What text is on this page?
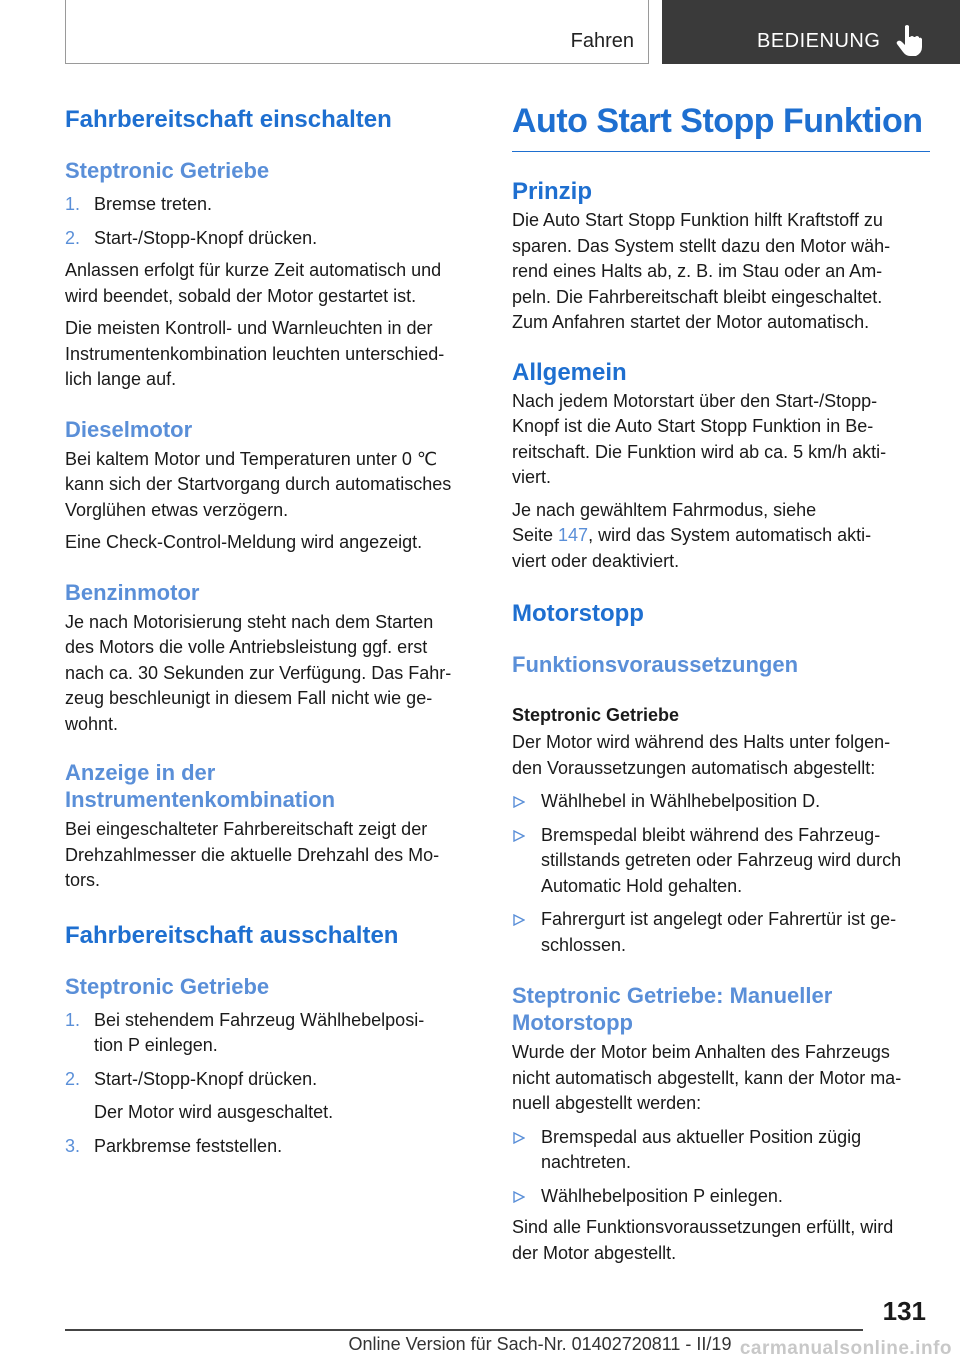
Fahren	BEDIENUNG
Fahrbereitschaft einschalten
Steptronic Getriebe
1. Bremse treten.
2. Start-/Stopp-Knopf drücken.

Anlassen erfolgt für kurze Zeit automatisch und
wird beendet, sobald der Motor gestartet ist.

Die meisten Kontroll- und Warnleuchten in der
Instrumentenkombination leuchten unterschied-
lich lange auf.

Dieselmotor

Bei kaltem Motor und Temperaturen unter 0 ℃
kann sich der Startvorgang durch automatisches
Vorglühen etwas verzögern.

Eine Check-Control-Meldung wird angezeigt.

Benzinmotor

Je nach Motorisierung steht nach dem Starten
des Motors die volle Antriebsleistung ggf. erst
nach ca. 30 Sekunden zur Verfügung. Das Fahr-
zeug beschleunigt in diesem Fall nicht wie ge-
wohnt.

Anzeige in der
Instrumentenkombination

Bei eingeschalteter Fahrbereitschaft zeigt der
Drehzahlmesser die aktuelle Drehzahl des Mo-
tors.

Fahrbereitschaft ausschalten
Steptronic Getriebe
1. Bei stehendem Fahrzeug Wählhebelposi-
tion P einlegen.
2. Start-/Stopp-Knopf drücken.
Der Motor wird ausgeschaltet.
3. Parkbremse feststellen.
Auto Start Stopp Funktion
Prinzip

Die Auto Start Stopp Funktion hilft Kraftstoff zu
sparen. Das System stellt dazu den Motor wäh-
rend eines Halts ab, z. B. im Stau oder an Am-
peln. Die Fahrbereitschaft bleibt eingeschaltet.
Zum Anfahren startet der Motor automatisch.

Allgemein

Nach jedem Motorstart über den Start-/Stopp-
Knopf ist die Auto Start Stopp Funktion in Be-
reitschaft. Die Funktion wird ab ca. 5 km/h akti-
viert.

Je nach gewähltem Fahrmodus, siehe
Seite 147, wird das System automatisch akti-
viert oder deaktiviert.

Motorstopp
Funktionsvoraussetzungen
Steptronic Getriebe

Der Motor wird während des Halts unter folgen-
den Voraussetzungen automatisch abgestellt:

Wählhebel in Wählhebelposition D.
Bremspedal bleibt während des Fahrzeug-
stillstands getreten oder Fahrzeug wird durch
Automatic Hold gehalten.
Fahrergurt ist angelegt oder Fahrertür ist ge-
schlossen.
Steptronic Getriebe: Manueller
Motorstopp

Wurde der Motor beim Anhalten des Fahrzeugs
nicht automatisch abgestellt, kann der Motor ma-
nuell abgestellt werden:

Bremspedal aus aktueller Position zügig
nachtreten.
Wählhebelposition P einlegen.

Sind alle Funktionsvoraussetzungen erfüllt, wird
der Motor abgestellt.

131
Online Version für Sach-Nr. 01402720811 - II/19 carmanualsonline.info
